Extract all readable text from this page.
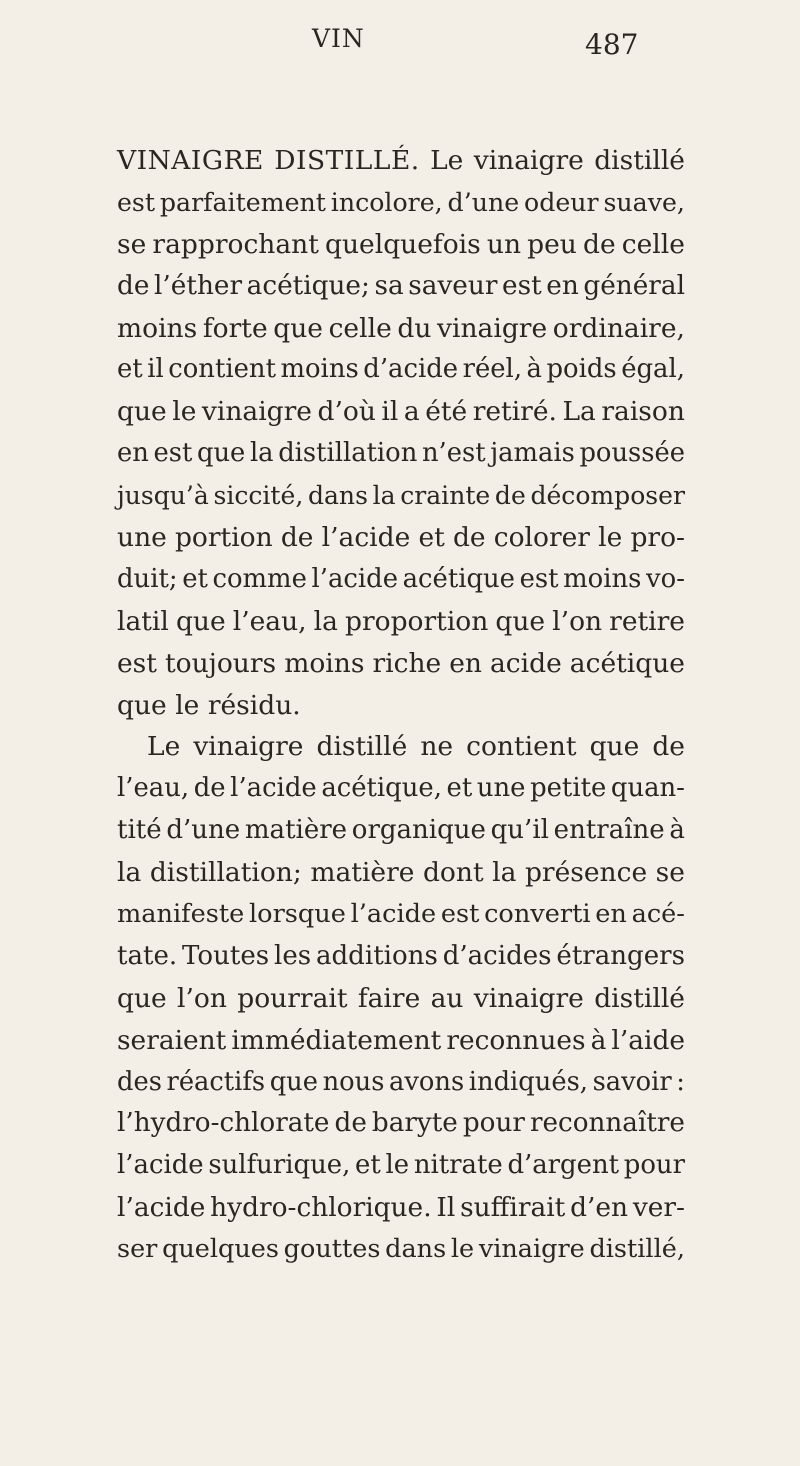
VIN	487
VINAIGRE DISTILLÉ. Le vinaigre distillé
est parfaitement incolore, d’une odeur suave,
se rapprochant quelquefois un peu de celle
de l’éther acétique; sa saveur est en général
moins forte que celle du vinaigre ordinaire,
et il contient moins d’acide réel, à poids égal,
que le vinaigre d’où il a été retiré. La raison
en est que la distillation n’est jamais poussée
jusqu’à siccité, dans la crainte de décomposer
une portion de l’acide et de colorer le pro-
duit; et comme l’acide acétique est moins vo-
latil que l’eau, la proportion que l’on retire
est toujours moins riche en acide acétique
que le résidu.
Le vinaigre distillé ne contient que de
l’eau, de l’acide acétique, et une petite quan-
tité d’une matière organique qu’il entraîne à
la distillation; matière dont la présence se
manifeste lorsque l’acide est converti en acé-
tate. Toutes les additions d’acides étrangers
que l’on pourrait faire au vinaigre distillé
seraient immédiatement reconnues à l’aide
des réactifs que nous avons indiqués, savoir :
l’hydro-chlorate de baryte pour reconnaître
l’acide sulfurique, et le nitrate d’argent pour
l’acide hydro-chlorique. Il suffirait d’en ver-
ser quelques gouttes dans le vinaigre distillé,
